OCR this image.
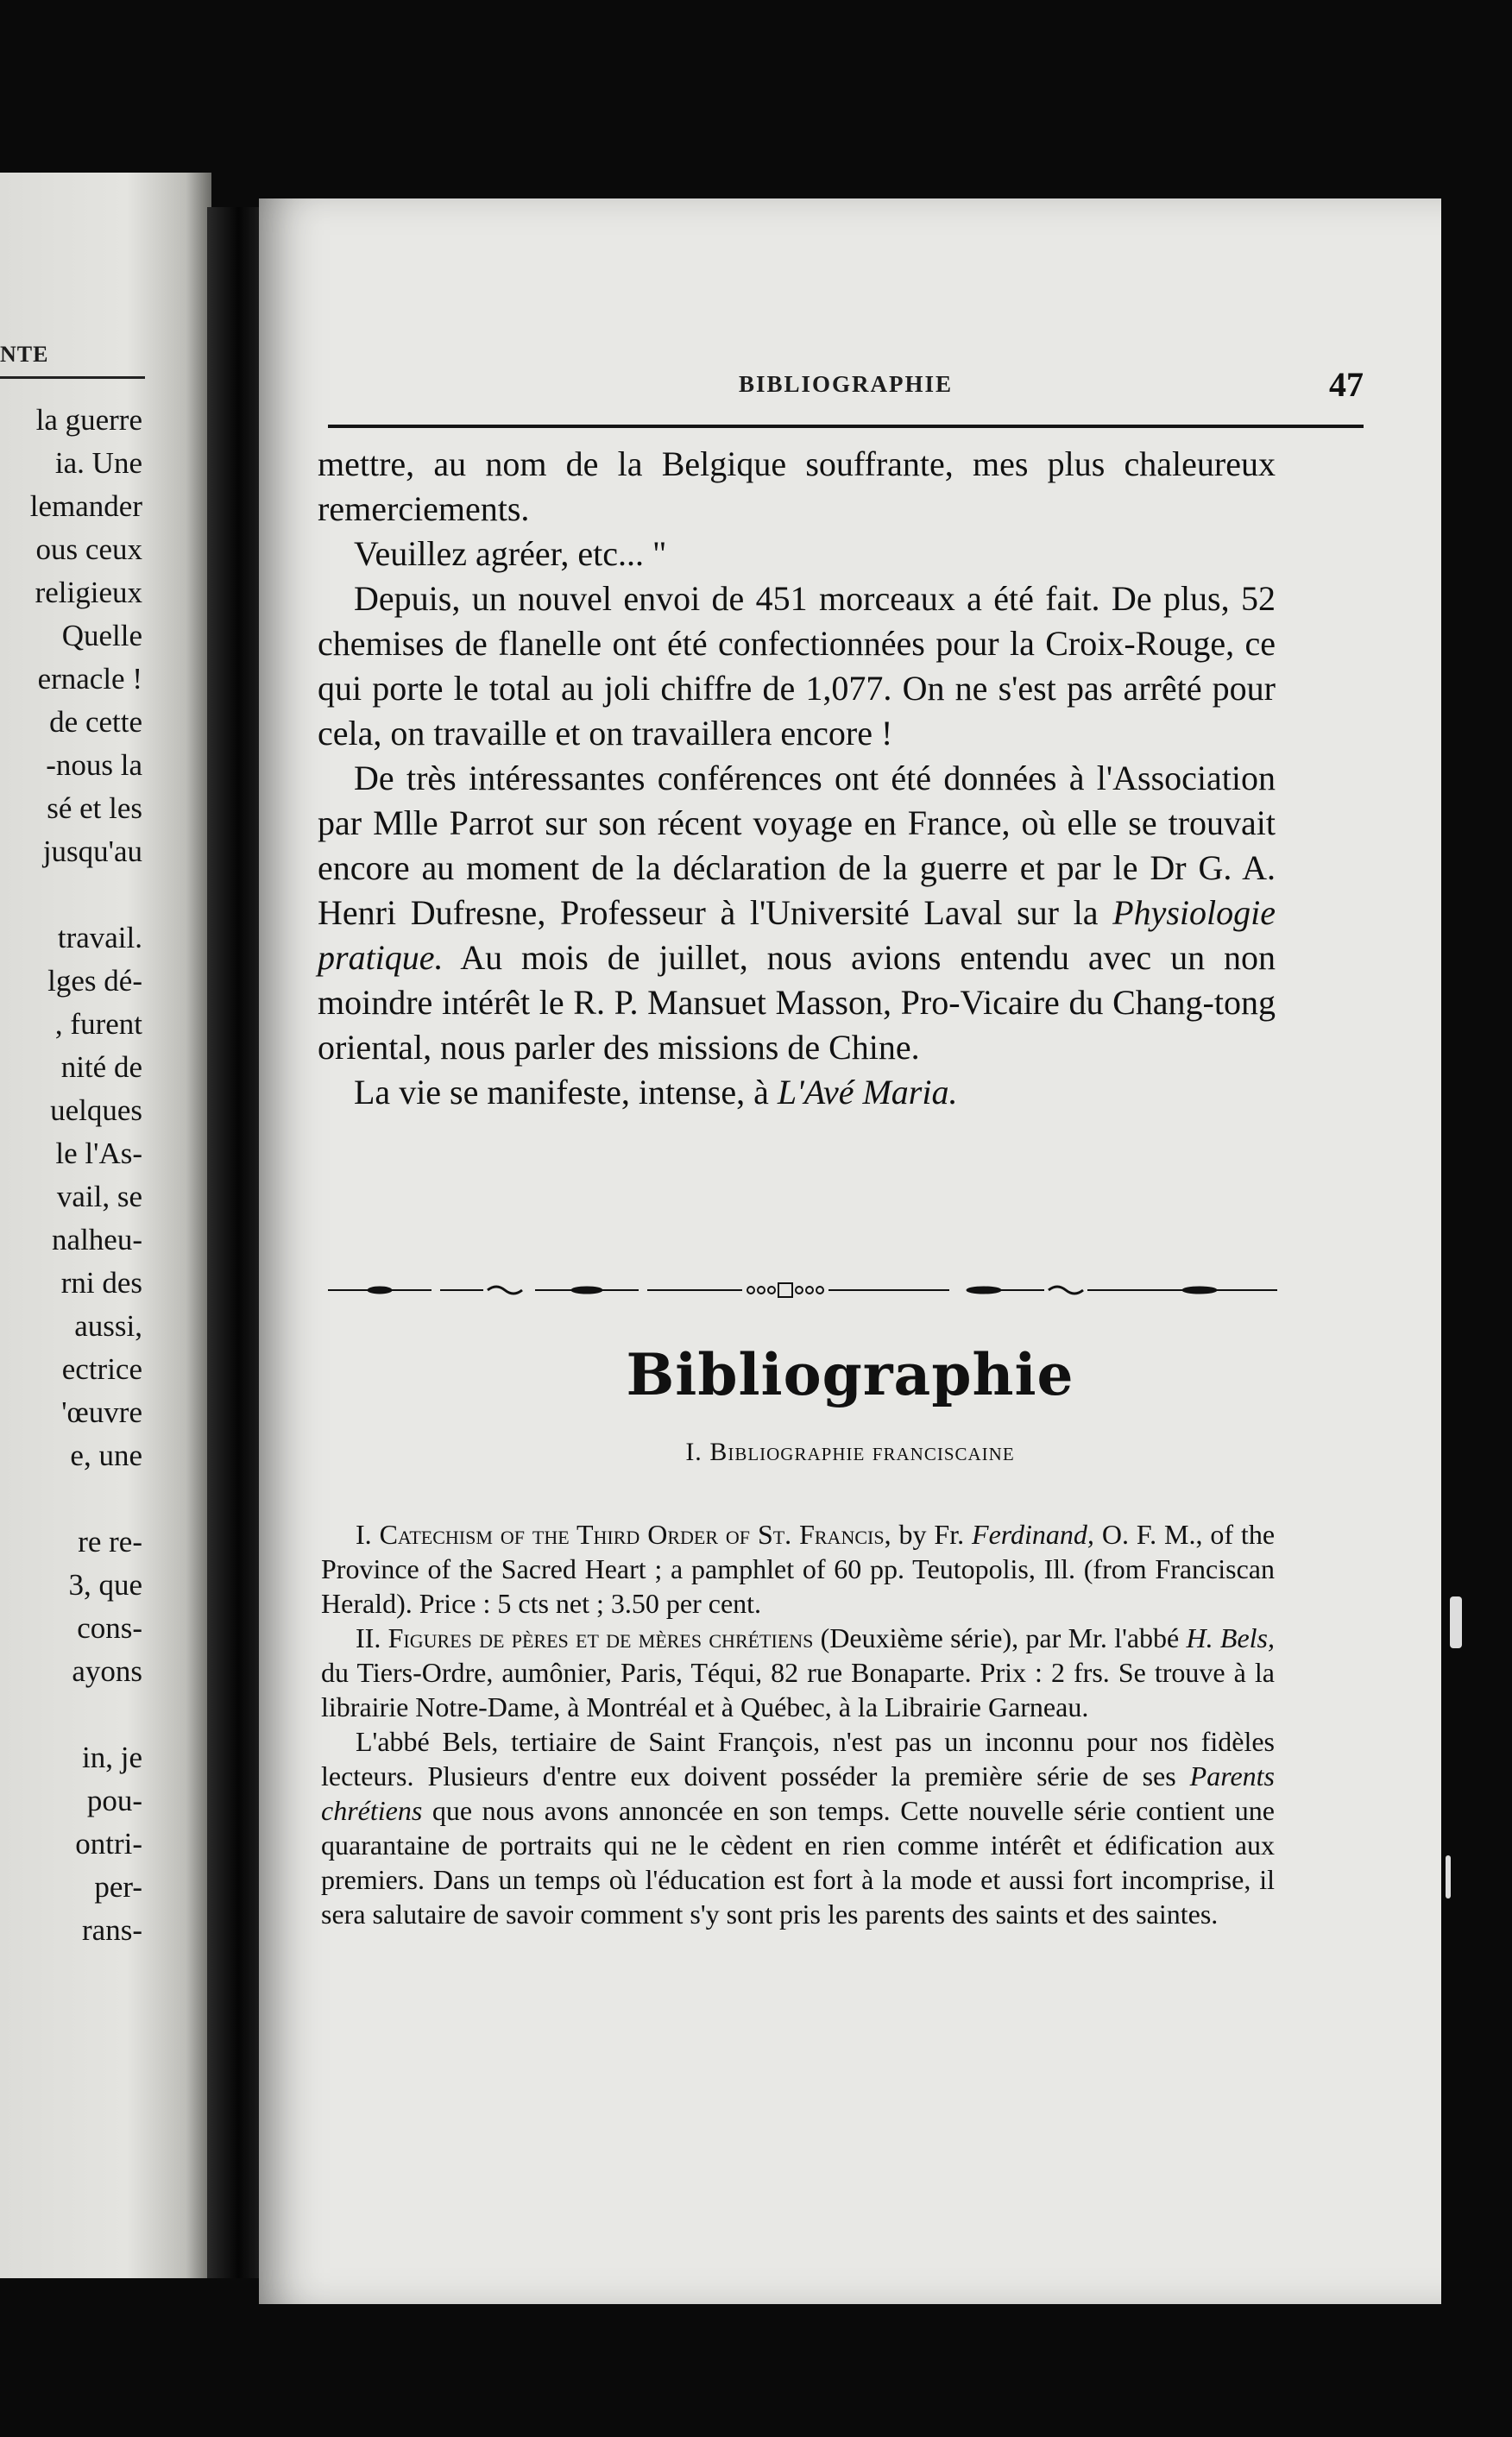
NTE
la guerre
ia. Une
lemander
ous ceux
religieux
Quelle
ernacle !
de cette
-nous la
sé et les
jusqu'au
travail.
lges dé-
, furent
nité de
uelques
le l'As-
vail, se
nalheu-
rni des
aussi,
ectrice
'œuvre
e, une
re re-
3, que
cons-
ayons
in, je
pou-
ontri-
per-
rans-
BIBLIOGRAPHIE	47

mettre, au nom de la Belgique souffrante, mes plus chaleureux remerciements.

Veuillez agréer, etc... "

Depuis, un nouvel envoi de 451 morceaux a été fait. De plus, 52 chemises de flanelle ont été confectionnées pour la Croix-Rouge, ce qui porte le total au joli chiffre de 1,077. On ne s'est pas arrêté pour cela, on travaille et on travaillera encore !

De très intéressantes conférences ont été données à l'Association par Mlle Parrot sur son récent voyage en France, où elle se trouvait encore au moment de la déclaration de la guerre et par le Dr G. A. Henri Dufresne, Professeur à l'Université Laval sur la Physiologie pratique. Au mois de juillet, nous avions entendu avec un non moindre intérêt le R. P. Mansuet Masson, Pro-Vicaire du Chang-tong oriental, nous parler des missions de Chine.

La vie se manifeste, intense, à L'Avé Maria.

Bibliographie
I. Bibliographie franciscaine

I. Catechism of the Third Order of St. Francis, by Fr. Ferdinand, O. F. M., of the Province of the Sacred Heart ; a pamphlet of 60 pp. Teutopolis, Ill. (from Franciscan Herald). Price : 5 cts net ; 3.50 per cent.

II. Figures de pères et de mères chrétiens (Deuxième série), par Mr. l'abbé H. Bels, du Tiers-Ordre, aumônier, Paris, Téqui, 82 rue Bonaparte. Prix : 2 frs. Se trouve à la librairie Notre-Dame, à Montréal et à Québec, à la Librairie Garneau.

L'abbé Bels, tertiaire de Saint François, n'est pas un inconnu pour nos fidèles lecteurs. Plusieurs d'entre eux doivent posséder la première série de ses Parents chrétiens que nous avons annoncée en son temps. Cette nouvelle série contient une quarantaine de portraits qui ne le cèdent en rien comme intérêt et édification aux premiers. Dans un temps où l'éducation est fort à la mode et aussi fort incomprise, il sera salutaire de savoir comment s'y sont pris les parents des saints et des saintes.
